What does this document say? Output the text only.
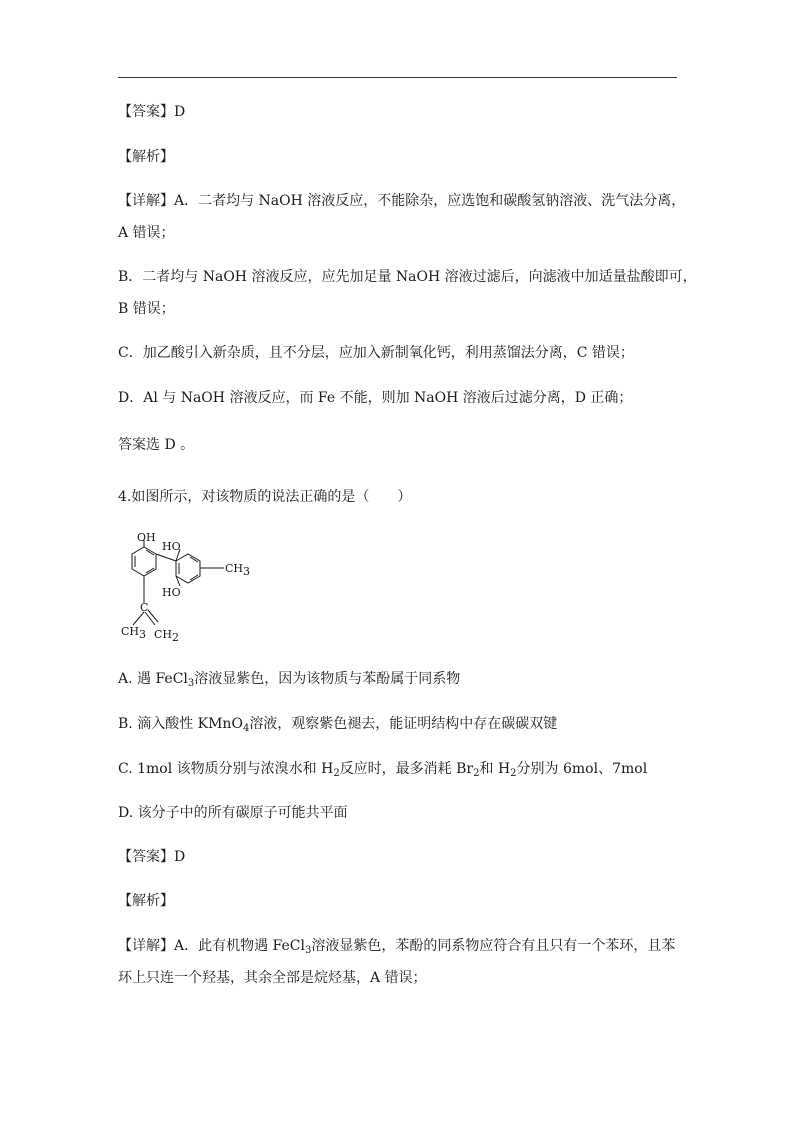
【答案】D
【解析】
【详解】A．二者均与 NaOH 溶液反应，不能除杂，应选饱和碳酸氢钠溶液、洗气法分离，
A 错误；
B．二者均与 NaOH 溶液反应，应先加足量 NaOH 溶液过滤后，向滤液中加适量盐酸即可，
B 错误；
C．加乙酸引入新杂质，且不分层，应加入新制氧化钙，利用蒸馏法分离，C 错误；
D．Al 与 NaOH 溶液反应，而 Fe 不能，则加 NaOH 溶液后过滤分离，D 正确；
答案选 D 。
4.如图所示，对该物质的说法正确的是（　　）
OH
HO
HO
CH3
C
CH3 CH2
A. 遇 FeCl$_3$溶液显紫色，因为该物质与苯酚属于同系物
B. 滴入酸性 KMnO$_4$溶液，观察紫色褪去，能证明结构中存在碳碳双键
C. 1mol 该物质分别与浓溴水和 $H_2$反应时，最多消耗 $Br_2$和 $H_2$分别为 6mol、7mol
D. 该分子中的所有碳原子可能共平面
【答案】D
【解析】
【详解】A．此有机物遇 FeCl$_3$溶液显紫色，苯酚的同系物应符合有且只有一个苯环，且苯
环上只连一个羟基，其余全部是烷烃基，A 错误；
